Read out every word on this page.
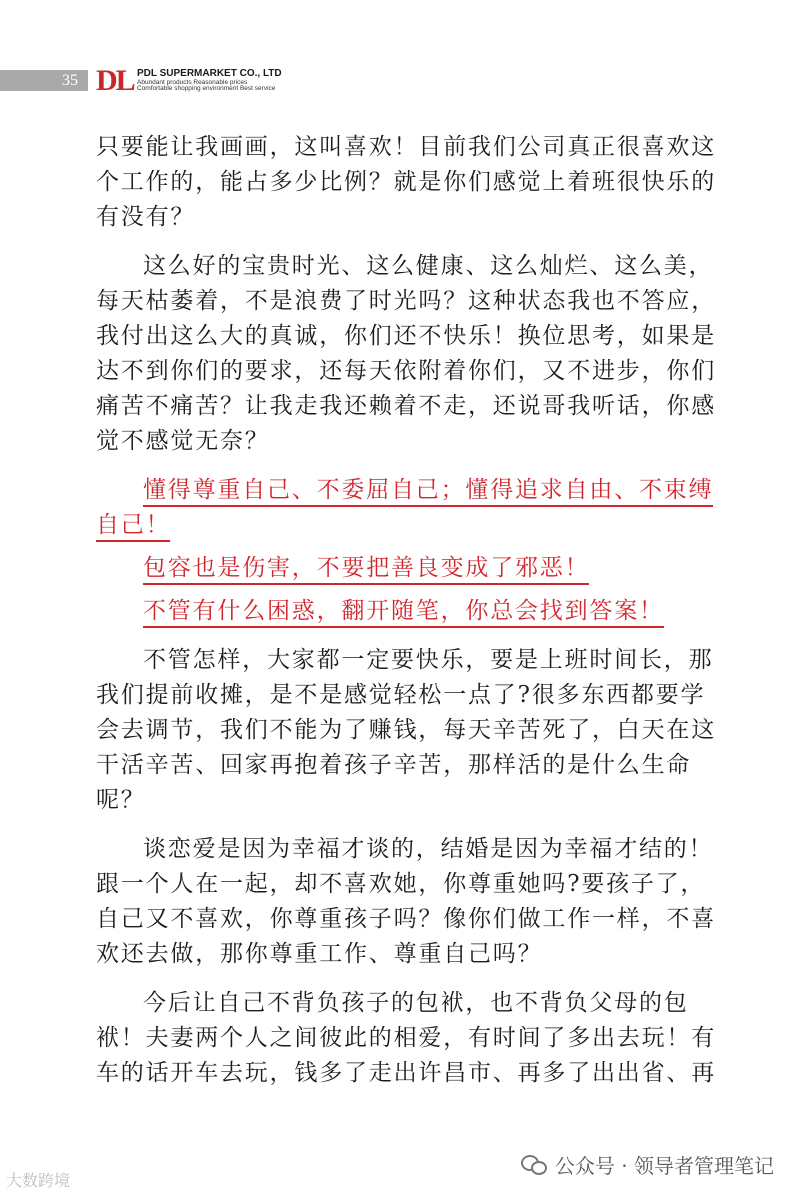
35 DL PDL SUPERMARKET CO., LTD
Abundant products Reasonable prices
Comfortable shopping environment Best service

只要能让我画画，这叫喜欢！目前我们公司真正很喜欢这个工作的，能占多少比例？就是你们感觉上着班很快乐的有没有？

这么好的宝贵时光、这么健康、这么灿烂、这么美，每天枯萎着，不是浪费了时光吗？这种状态我也不答应，我付出这么大的真诚，你们还不快乐！换位思考，如果是达不到你们的要求，还每天依附着你们，又不进步，你们痛苦不痛苦？让我走我还赖着不走，还说哥我听话，你感觉不感觉无奈？

懂得尊重自己、不委屈自己；懂得追求自由、不束缚自己！

包容也是伤害，不要把善良变成了邪恶！

不管有什么困惑，翻开随笔，你总会找到答案！

不管怎样，大家都一定要快乐，要是上班时间长，那我们提前收摊，是不是感觉轻松一点了?很多东西都要学会去调节，我们不能为了赚钱，每天辛苦死了，白天在这干活辛苦、回家再抱着孩子辛苦，那样活的是什么生命呢？

谈恋爱是因为幸福才谈的，结婚是因为幸福才结的！跟一个人在一起，却不喜欢她，你尊重她吗?要孩子了，自己又不喜欢，你尊重孩子吗？像你们做工作一样，不喜欢还去做，那你尊重工作、尊重自己吗？

今后让自己不背负孩子的包袱，也不背负父母的包袱！夫妻两个人之间彼此的相爱，有时间了多出去玩！有车的话开车去玩，钱多了走出许昌市、再多了出出省、再

公众号 · 领导者管理笔记
大数跨境
